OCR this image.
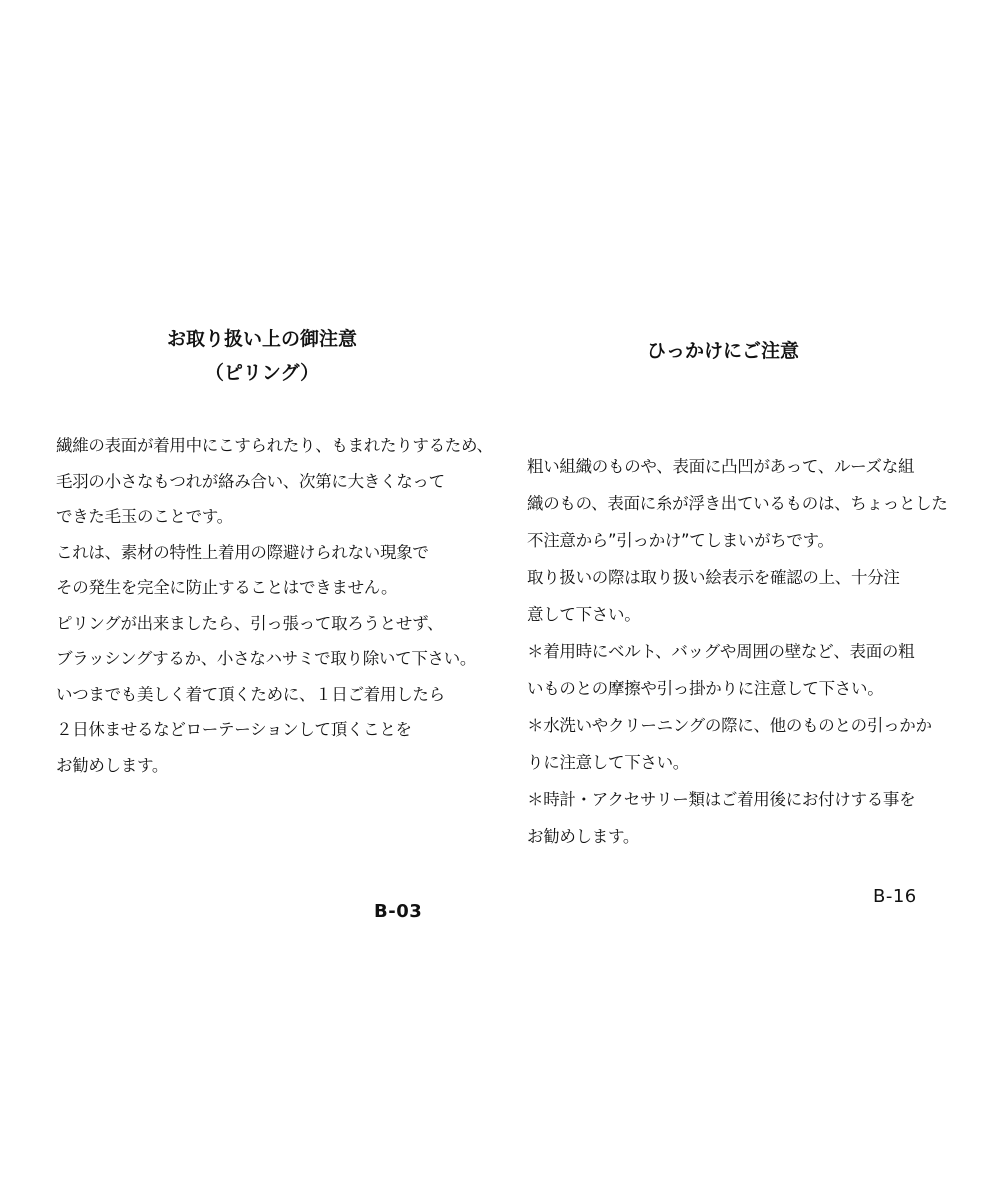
お取り扱い上の御注意
（ピリング）
繊維の表面が着用中にこすられたり、もまれたりするため、
毛羽の小さなもつれが絡み合い、次第に大きくなって
できた毛玉のことです。
これは、素材の特性上着用の際避けられない現象で
その発生を完全に防止することはできません。
ピリングが出来ましたら、引っ張って取ろうとせず、
ブラッシングするか、小さなハサミで取り除いて下さい。
いつまでも美しく着て頂くために、１日ご着用したら
２日休ませるなどローテーションして頂くことを
お勧めします。
ひっかけにご注意
粗い組織のものや、表面に凸凹があって、ルーズな組
織のもの、表面に糸が浮き出ているものは、ちょっとした
不注意から”引っかけ”てしまいがちです。
取り扱いの際は取り扱い絵表示を確認の上、十分注
意して下さい。
＊着用時にベルト、バッグや周囲の壁など、表面の粗
いものとの摩擦や引っ掛かりに注意して下さい。
＊水洗いやクリーニングの際に、他のものとの引っかか
りに注意して下さい。
＊時計・アクセサリー類はご着用後にお付けする事を
お勧めします。
B-03
B-16
